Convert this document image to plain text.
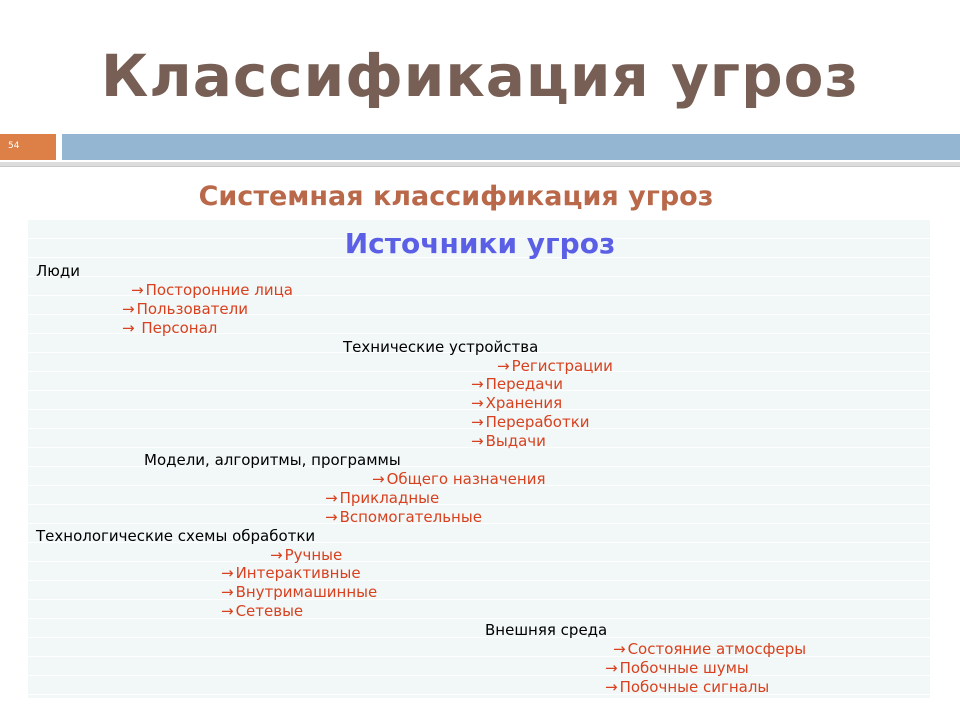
Классификация угроз
54
Системная классификация угроз
Источники угроз
Люди
→ Посторонние лица
→ Пользователи
→ Персонал
Технические устройства
→ Регистрации
→ Передачи
→ Хранения
→ Переработки
→ Выдачи
Модели, алгоритмы, программы
→ Общего назначения
→ Прикладные
→ Вспомогательные
Технологические схемы обработки
→ Ручные
→ Интерактивные
→ Внутримашинные
→ Сетевые
Внешняя среда
→ Состояние атмосферы
→ Побочные шумы
→ Побочные сигналы
